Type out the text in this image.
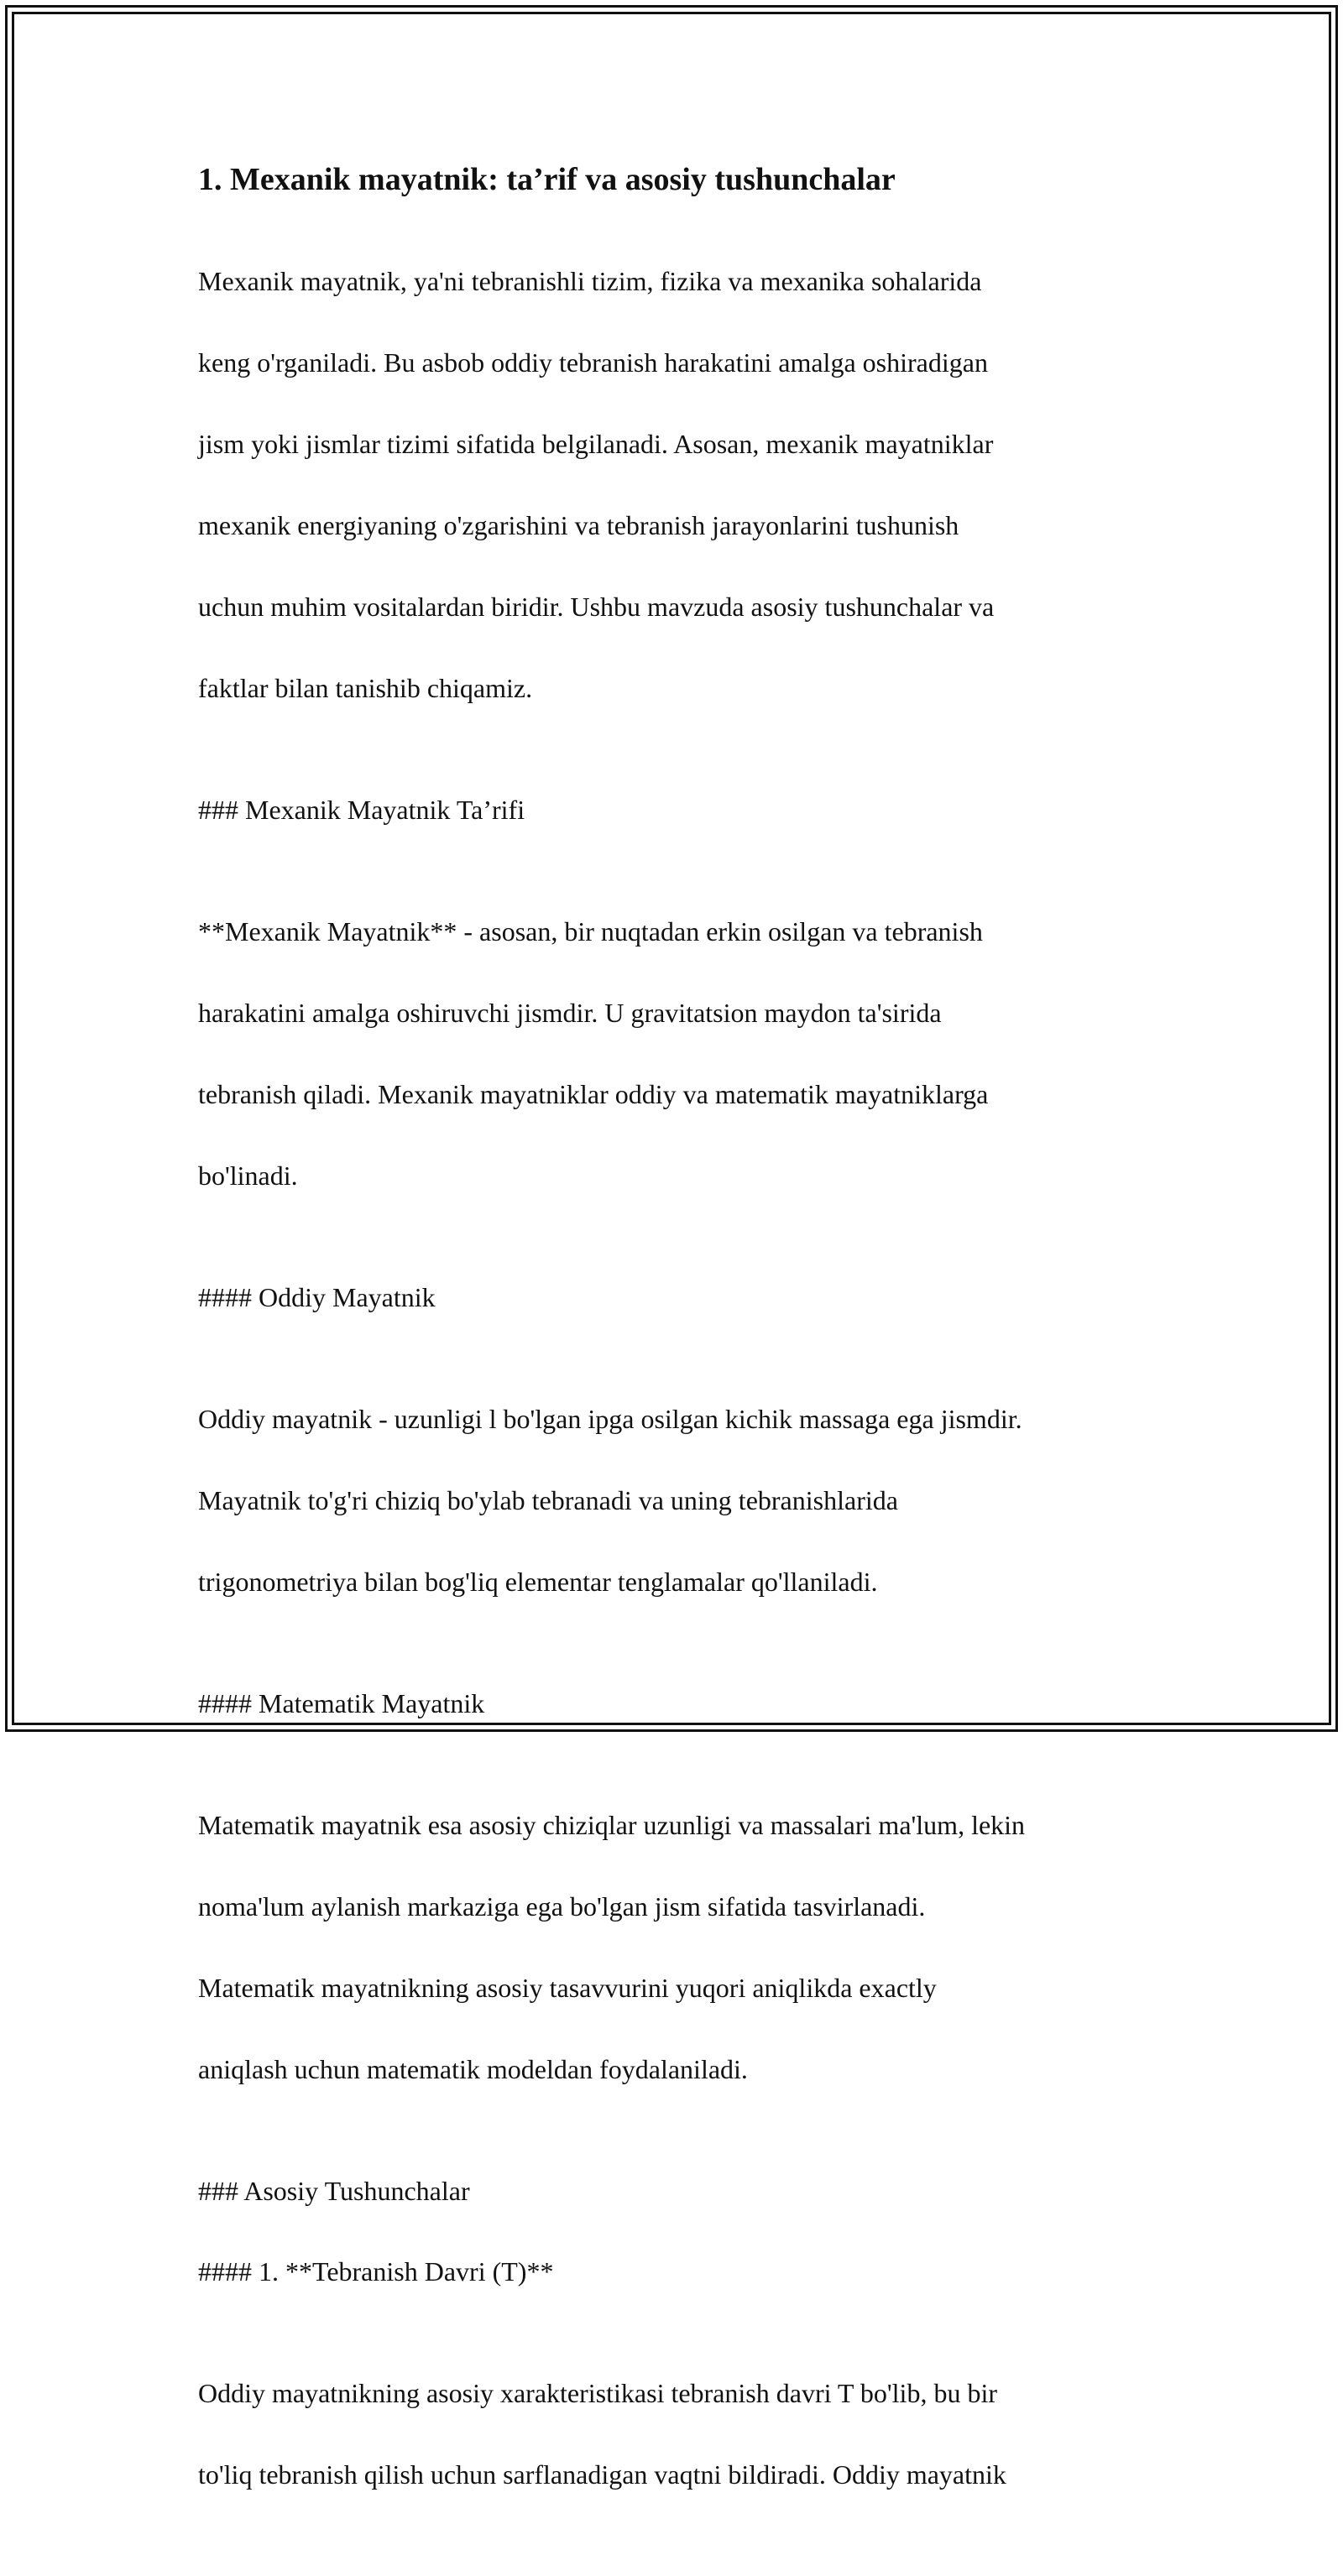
1. Mexanik mayatnik: ta’rif va asosiy tushunchalar

Mexanik mayatnik, ya'ni tebranishli tizim, fizika va mexanika sohalarida

keng o'rganiladi. Bu asbob oddiy tebranish harakatini amalga oshiradigan

jism yoki jismlar tizimi sifatida belgilanadi. Asosan, mexanik mayatniklar

mexanik energiyaning o'zgarishini va tebranish jarayonlarini tushunish

uchun muhim vositalardan biridir. Ushbu mavzuda asosiy tushunchalar va

faktlar bilan tanishib chiqamiz.

### Mexanik Mayatnik Ta’rifi

**Mexanik Mayatnik** - asosan, bir nuqtadan erkin osilgan va tebranish

harakatini amalga oshiruvchi jismdir. U gravitatsion maydon ta'sirida

tebranish qiladi. Mexanik mayatniklar oddiy va matematik mayatniklarga

bo'linadi.

#### Oddiy Mayatnik

Oddiy mayatnik - uzunligi l bo'lgan ipga osilgan kichik massaga ega jismdir.

Mayatnik to'g'ri chiziq bo'ylab tebranadi va uning tebranishlarida

trigonometriya bilan bog'liq elementar tenglamalar qo'llaniladi.

#### Matematik Mayatnik

Matematik mayatnik esa asosiy chiziqlar uzunligi va massalari ma'lum, lekin

noma'lum aylanish markaziga ega bo'lgan jism sifatida tasvirlanadi.

Matematik mayatnikning asosiy tasavvurini yuqori aniqlikda exactly

aniqlash uchun matematik modeldan foydalaniladi.

### Asosiy Tushunchalar
#### 1. **Tebranish Davri (T)**

Oddiy mayatnikning asosiy xarakteristikasi tebranish davri T bo'lib, bu bir

to'liq tebranish qilish uchun sarflanadigan vaqtni bildiradi. Oddiy mayatnik
